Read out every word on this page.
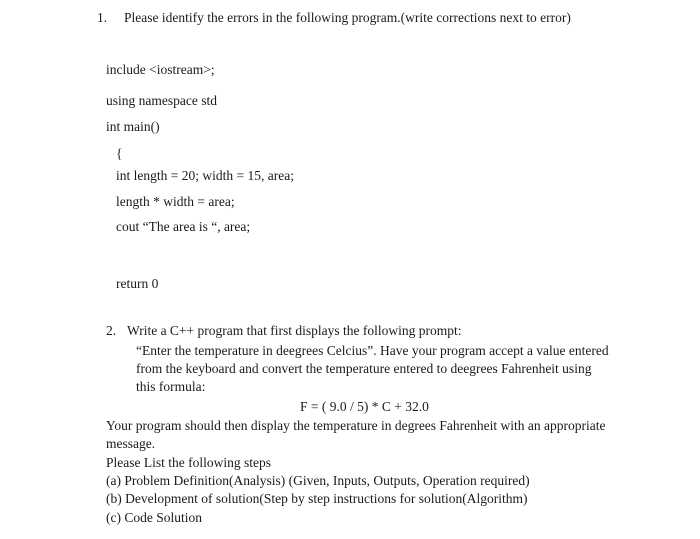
1. Please identify the errors in the following program.(write corrections next to error)
include <iostream>;
using namespace std
int main()
{
int length = 20; width = 15, area;
length * width = area;
cout “The area is “, area;
return 0
2. Write a C++ program that first displays the following prompt:
“Enter the temperature in deegrees Celcius”. Have your program accept a value entered
from the keyboard and convert the temperature entered to deegrees Fahrenheit using
this formula:
F = ( 9.0 / 5) * C + 32.0
Your program should then display the temperature in degrees Fahrenheit with an appropriate
message.
Please List the following steps
(a) Problem Definition(Analysis) (Given, Inputs, Outputs, Operation required)
(b) Development of solution(Step by step instructions for solution(Algorithm)
(c) Code Solution
